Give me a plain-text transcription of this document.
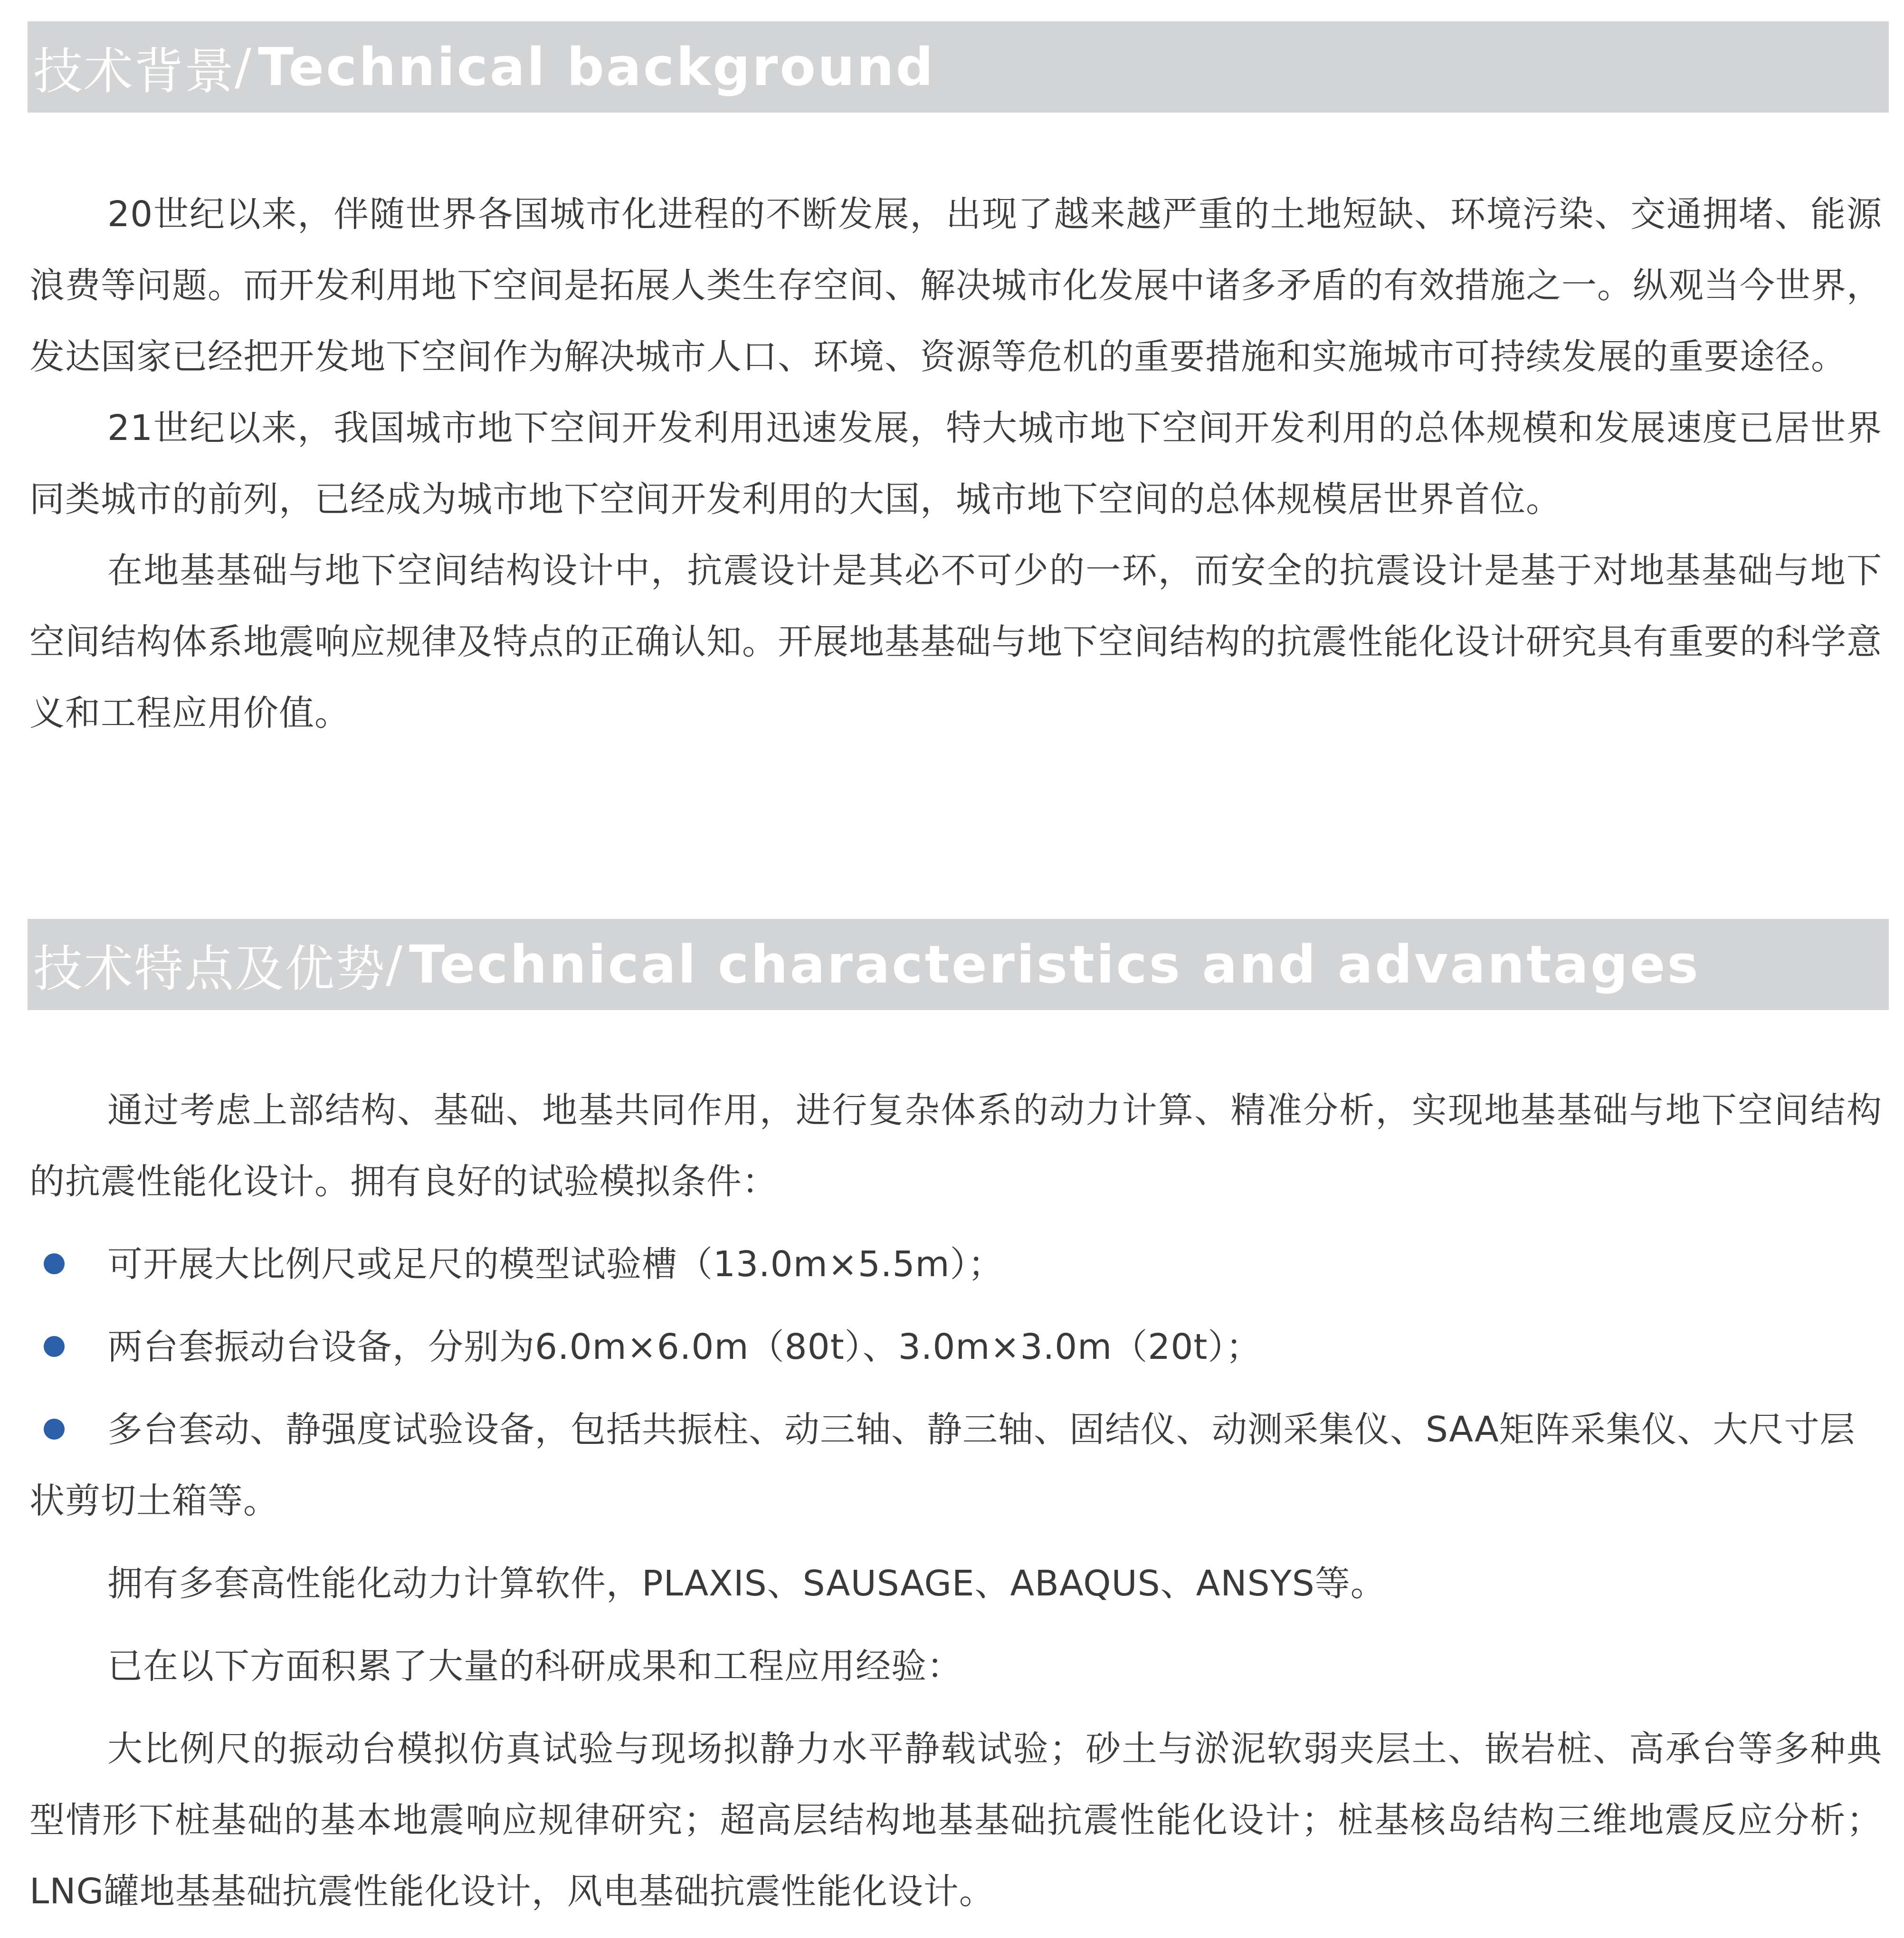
技术背景 / Technical background

20世纪以来，伴随世界各国城市化进程的不断发展，出现了越来越严重的土地短缺、环境污染、交通拥堵、能源浪费等问题。而开发利用地下空间是拓展人类生存空间、解决城市化发展中诸多矛盾的有效措施之一。纵观当今世界，发达国家已经把开发地下空间作为解决城市人口、环境、资源等危机的重要措施和实施城市可持续发展的重要途径。

21世纪以来，我国城市地下空间开发利用迅速发展，特大城市地下空间开发利用的总体规模和发展速度已居世界同类城市的前列，已经成为城市地下空间开发利用的大国，城市地下空间的总体规模居世界首位。

在地基基础与地下空间结构设计中，抗震设计是其必不可少的一环，而安全的抗震设计是基于对地基基础与地下空间结构体系地震响应规律及特点的正确认知。开展地基基础与地下空间结构的抗震性能化设计研究具有重要的科学意义和工程应用价值。

技术特点及优势 / Technical characteristics and advantages

通过考虑上部结构、基础、地基共同作用，进行复杂体系的动力计算、精准分析，实现地基基础与地下空间结构的抗震性能化设计。拥有良好的试验模拟条件：

可开展大比例尺或足尺的模型试验槽（13.0m×5.5m）；
两台套振动台设备，分别为6.0m×6.0m（80t）、3.0m×3.0m（20t）；
多台套动、静强度试验设备，包括共振柱、动三轴、静三轴、固结仪、动测采集仪、SAA矩阵采集仪、大尺寸层状剪切土箱等。

拥有多套高性能化动力计算软件，PLAXIS、SAUSAGE、ABAQUS、ANSYS等。

已在以下方面积累了大量的科研成果和工程应用经验：

大比例尺的振动台模拟仿真试验与现场拟静力水平静载试验；砂土与淤泥软弱夹层土、嵌岩桩、高承台等多种典型情形下桩基础的基本地震响应规律研究；超高层结构地基基础抗震性能化设计；桩基核岛结构三维地震反应分析；LNG罐地基基础抗震性能化设计，风电基础抗震性能化设计。
